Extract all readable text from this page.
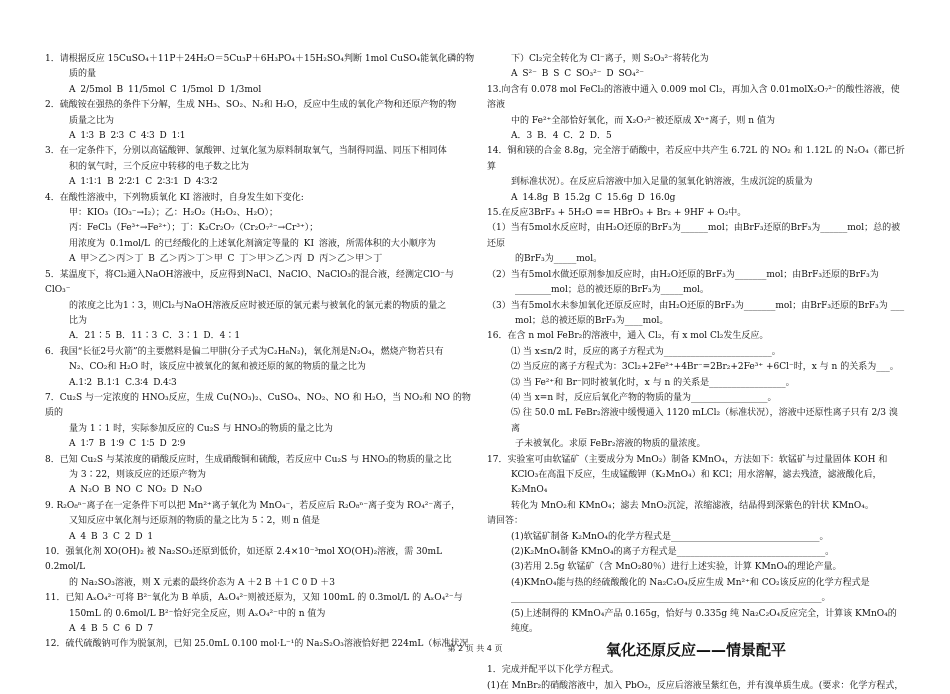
1．请根据反应 15CuSO₄＋11P＋24H₂O＝5Cu₃P＋6H₃PO₄＋15H₂SO₄判断 1mol CuSO₄能氧化磷的物
质的量
A 2/5mol B 11/5mol C 1/5mol D 1/3mol
2．硫酸铵在强热的条件下分解，生成 NH₃、SO₂、N₂和 H₂O，反应中生成的氧化产物和还原产物的物
质量之比为
A 1∶3 B 2∶3 C 4∶3 D 1∶1
3．在一定条件下，分别以高锰酸钾、氯酸钾、过氧化氢为原料制取氧气，当制得同温、同压下相同体
积的氧气时，三个反应中转移的电子数之比为
A 1∶1∶1 B 2∶2∶1 C 2∶3∶1 D 4∶3∶2
4．在酸性溶液中，下列物质氧化 KI 溶液时，自身发生如下变化:
甲：KIO₃（IO₃⁻→I₂）；乙：H₂O₂（H₂O₂、H₂O）；
丙：FeCl₃（Fe³⁺→Fe²⁺）；丁：K₂Cr₂O₇（Cr₂O₇²⁻→Cr³⁺）；
用浓度为 0.1mol/L 的已经酸化的上述氧化剂滴定等量的 KI 溶液，所需体积的大小顺序为
A 甲＞乙＞丙＞丁 B 乙＞丙＞丁＞甲 C 丁＞甲＞乙＞丙 D 丙＞乙＞甲＞丁
5．某温度下，将Cl₂通入NaOH溶液中，反应得到NaCl、NaClO、NaClO₃的混合液，经测定ClO⁻与ClO₃⁻
的浓度之比为1∶3，则Cl₂与NaOH溶液反应时被还原的氯元素与被氧化的氯元素的物质的量之
比为
A．21∶5 B．11∶3 C．3∶1 D．4∶1
6．我国“长征2号火箭”的主要燃料是偏二甲肼(分子式为C₂H₈N₂)，氧化剂是N₂O₄，燃烧产物若只有
N₂、CO₂和 H₂O 时，该反应中被氧化的氮和被还原的氮的物质的量之比为
A.1∶2 B.1∶1 C.3∶4 D.4∶3
7．Cu₂S 与一定浓度的 HNO₃反应，生成 Cu(NO₃)₂、CuSO₄、NO₂、NO 和 H₂O，当 NO₂和 NO 的物质的
量为 1∶1 时，实际参加反应的 Cu₂S 与 HNO₃的物质的量之比为
A 1∶7 B 1∶9 C 1∶5 D 2∶9
8．已知 Cu₂S 与某浓度的硝酸反应时，生成硝酸铜和硫酸，若反应中 Cu₂S 与 HNO₃的物质的量之比
为 3∶22，则该反应的还原产物为
A N₂O B NO C NO₂ D N₂O
9. R₂O₈ⁿ⁻离子在一定条件下可以把 Mn²⁺离子氧化为 MnO₄⁻，若反应后 R₂O₈ⁿ⁻离子变为 RO₄²⁻离子，
又知反应中氧化剂与还原剂的物质的量之比为 5∶2，则 n 值是
A 4 B 3 C 2 D 1
10．强氧化剂 XO(OH)₂ 被 Na₂SO₃还原到低价，如还原 2.4×10⁻³mol XO(OH)₂溶液，需 30mL 0.2mol/L
的 Na₂SO₃溶液，则 X 元素的最终价态为 A ＋2 B ＋1 C 0 D ＋3
11．已知 AₓO₄²⁻可将 B²⁻氧化为 B 单质，AₓO₄²⁻则被还原为，又知 100mL 的 0.3mol/L 的 AₓO₄²⁻与
150mL 的 0.6mol/L B²⁻恰好完全反应，则 AₓO₄²⁻中的 n 值为
A 4 B 5 C 6 D 7
12．硫代硫酸钠可作为脱氯剂，已知 25.0mL 0.100 mol·L⁻¹的 Na₂S₂O₃溶液恰好把 224mL（标准状况
下）Cl₂完全转化为 Cl⁻离子，则 S₂O₃²⁻将转化为
A S²⁻ B S C SO₃²⁻ D SO₄²⁻
13.向含有 0.078 mol FeCl₂的溶液中通入 0.009 mol Cl₂，再加入含 0.01molX₂O₇²⁻的酸性溶液，使溶液
中的 Fe²⁺全部恰好氧化，而 X₂O₇²⁻被还原成 Xⁿ⁺离子，则 n 值为
A．3 B．4 C．2 D．5
14．铜和镁的合金 8.8g，完全溶于硝酸中，若反应中共产生 6.72L 的 NO₂ 和 1.12L 的 N₂O₄（都已折算
到标准状况）。在反应后溶液中加入足量的氢氧化钠溶液，生成沉淀的质量为
A 14.8g B 15.2g C 15.6g D 16.0g
15.在反应3BrF₃ + 5H₂O == HBrO₃ + Br₂ + 9HF + O₂中。
（1）当有5mol水反应时，由H₂O还原的BrF₃为______mol；由BrF₃还原的BrF₃为______mol；总的被还原
的BrF₃为_____mol。
（2）当有5mol水做还原剂参加反应时，由H₂O还原的BrF₃为_______mol；由BrF₃还原的BrF₃为
________mol；总的被还原的BrF₃为_____mol。
（3）当有5mol水未参加氧化还原反应时，由H₂O还原的BrF₃为_______mol；由BrF₃还原的BrF₃为 ___
mol；总的被还原的BrF₃为____mol。
16．在含 n mol FeBr₂的溶液中，通入 Cl₂，有 x mol Cl₂发生反应。
⑴ 当 x≤n/2 时，反应的离子方程式为________________________。
⑵ 当反应的离子方程式为：3Cl₂+2Fe²⁺+4Br⁻=2Br₂+2Fe³⁺ +6Cl⁻时，x 与 n 的关系为___。
⑶ 当 Fe²⁺和 Br⁻同时被氧化时，x 与 n 的关系是_________________。
⑷ 当 x=n 时，反应后氧化产物的物质的量为_________________。
⑸ 往 50.0 mL FeBr₂溶液中缓慢通入 1120 mLCl₂（标准状况），溶液中还原性离子只有 2/3 溴离
子未被氧化。求原 FeBr₂溶液的物质的量浓度。
17．实验室可由软锰矿（主要成分为 MnO₂）制备 KMnO₄，方法如下：软锰矿与过量固体 KOH 和
KClO₃在高温下反应，生成锰酸钾（K₂MnO₄）和 KCl；用水溶解，滤去残渣，滤液酸化后，K₂MnO₄
转化为 MnO₂和 KMnO₄；滤去 MnO₂沉淀，浓缩滤液，结晶得到深紫色的针状 KMnO₄。
请回答：
(1)软锰矿制备 K₂MnO₄的化学方程式是_________________________________。
(2)K₂MnO₄制备 KMnO₄的离子方程式是_________________________________。
(3)若用 2.5g 软锰矿（含 MnO₂80％）进行上述实验，计算 KMnO₄的理论产量。
(4)KMnO₄能与热的经硫酸酸化的 Na₂C₂O₄反应生成 Mn²⁺和 CO₂该反应的化学方程式是
_____________________________________________________________________。
(5)上述制得的 KMnO₄产品 0.165g，恰好与 0.335g 纯 Na₂C₂O₄反应完全，计算该 KMnO₄的纯度。
氧化还原反应——情景配平
1．完成并配平以下化学方程式。
(1)在 MnBr₂的硝酸溶液中，加入 PbO₂，反应后溶液呈紫红色，并有溴单质生成。(要求：化学方程式，
第 2 页 共 4 页
